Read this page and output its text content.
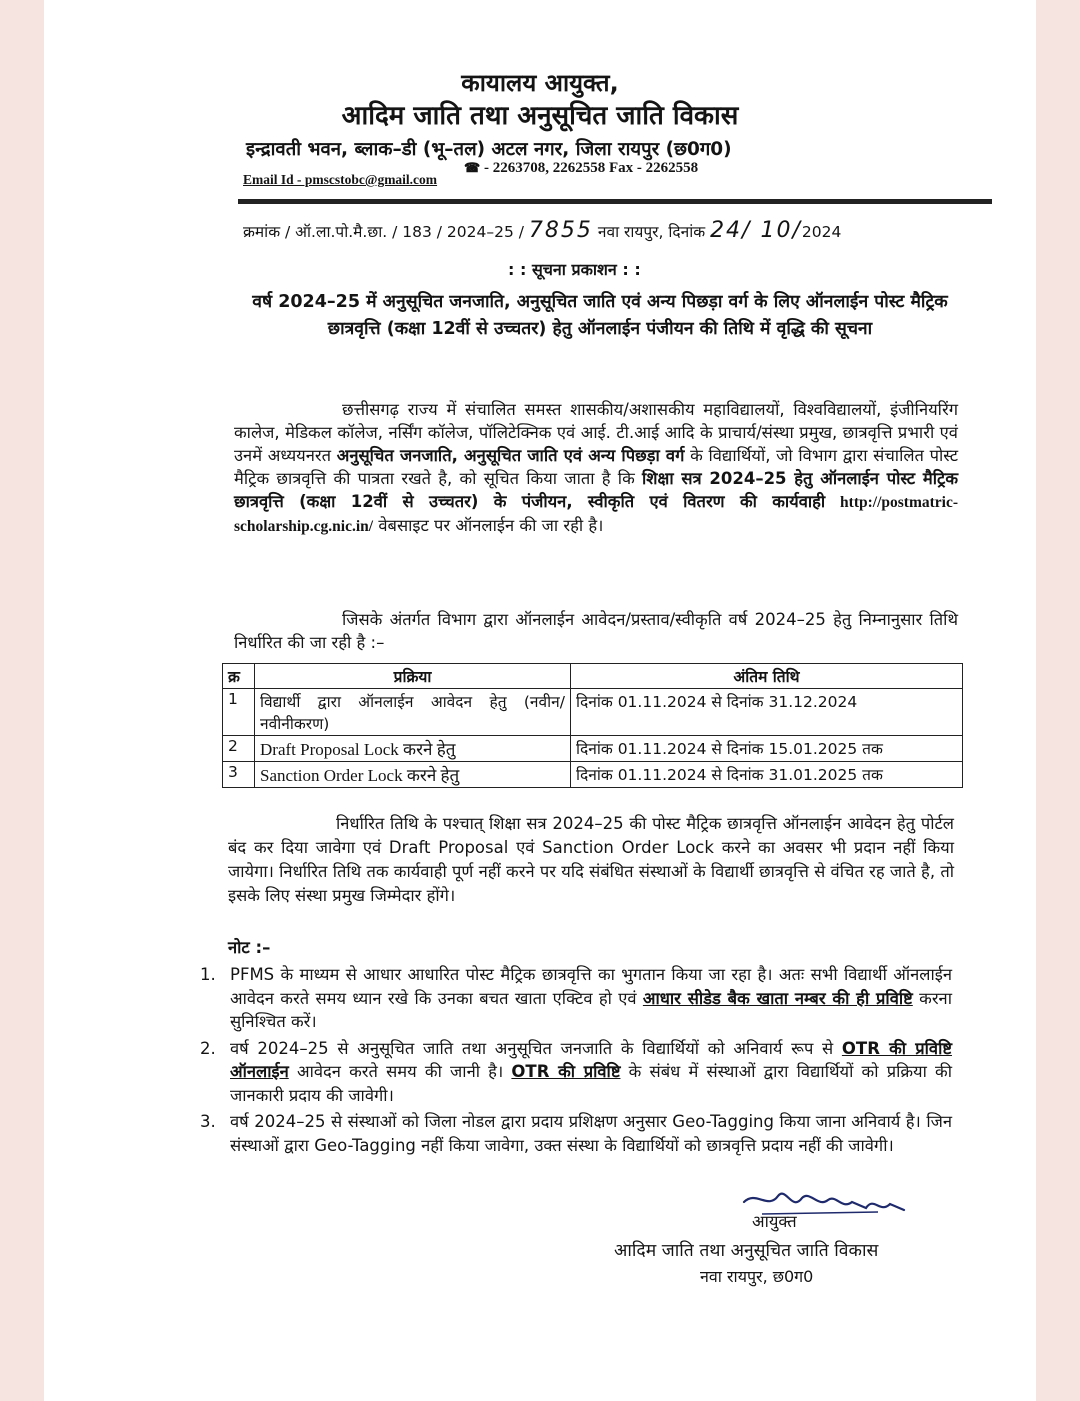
कायालय आयुक्त,
आदिम जाति तथा अनुसूचित जाति विकास
इन्द्रावती भवन, ब्लाक–डी (भू–तल) अटल नगर, जिला रायपुर (छ0ग0)
☎ - 2263708, 2262558 Fax - 2262558
Email Id - pmscstobc@gmail.com
क्रमांक / ऑ.ला.पो.मै.छा. / 183 / 2024–25 / 7855 नवा रायपुर, दिनांक 24/ 10/2024
: : सूचना प्रकाशन : :
वर्ष 2024–25 में अनुसूचित जनजाति, अनुसूचित जाति एवं अन्य पिछड़ा वर्ग के लिए ऑनलाईन पोस्ट मैट्रिक छात्रवृत्ति (कक्षा 12वीं से उच्चतर) हेतु ऑनलाईन पंजीयन की तिथि में वृद्धि की सूचना
छत्तीसगढ़ राज्य में संचालित समस्त शासकीय/अशासकीय महाविद्यालयों, विश्वविद्यालयों, इंजीनियरिंग कालेज, मेडिकल कॉलेज, नर्सिंग कॉलेज, पॉलिटेक्निक एवं आई. टी.आई आदि के प्राचार्य/संस्था प्रमुख, छात्रवृत्ति प्रभारी एवं उनमें अध्ययनरत अनुसूचित जनजाति, अनुसूचित जाति एवं अन्य पिछड़ा वर्ग के विद्यार्थियों, जो विभाग द्वारा संचालित पोस्ट मैट्रिक छात्रवृत्ति की पात्रता रखते है, को सूचित किया जाता है कि शिक्षा सत्र 2024–25 हेतु ऑनलाईन पोस्ट मैट्रिक छात्रवृत्ति (कक्षा 12वीं से उच्चतर) के पंजीयन, स्वीकृति एवं वितरण की कार्यवाही http://postmatric-scholarship.cg.nic.in/ वेबसाइट पर ऑनलाईन की जा रही है।
जिसके अंतर्गत विभाग द्वारा ऑनलाईन आवेदन/प्रस्ताव/स्वीकृति वर्ष 2024–25 हेतु निम्नानुसार तिथि निर्धारित की जा रही है :–
क्र	प्रक्रिया	अंतिम तिथि
1	विद्यार्थी द्वारा ऑनलाईन आवेदन हेतु (नवीन/ नवीनीकरण)	दिनांक 01.11.2024 से दिनांक 31.12.2024
2	Draft Proposal Lock करने हेतु	दिनांक 01.11.2024 से दिनांक 15.01.2025 तक
3	Sanction Order Lock करने हेतु	दिनांक 01.11.2024 से दिनांक 31.01.2025 तक
निर्धारित तिथि के पश्चात् शिक्षा सत्र 2024–25 की पोस्ट मैट्रिक छात्रवृत्ति ऑनलाईन आवेदन हेतु पोर्टल बंद कर दिया जावेगा एवं Draft Proposal एवं Sanction Order Lock करने का अवसर भी प्रदान नहीं किया जायेगा। निर्धारित तिथि तक कार्यवाही पूर्ण नहीं करने पर यदि संबंधित संस्थाओं के विद्यार्थी छात्रवृत्ति से वंचित रह जाते है, तो इसके लिए संस्था प्रमुख जिम्मेदार होंगे।
नोट :–
1. PFMS के माध्यम से आधार आधारित पोस्ट मैट्रिक छात्रवृत्ति का भुगतान किया जा रहा है। अतः सभी विद्यार्थी ऑनलाईन आवेदन करते समय ध्यान रखे कि उनका बचत खाता एक्टिव हो एवं आधार सीडेड बैक खाता नम्बर की ही प्रविष्टि करना सुनिश्चित करें।
2. वर्ष 2024–25 से अनुसूचित जाति तथा अनुसूचित जनजाति के विद्यार्थियों को अनिवार्य रूप से OTR की प्रविष्टि ऑनलाईन आवेदन करते समय की जानी है। OTR की प्रविष्टि के संबंध में संस्थाओं द्वारा विद्यार्थियों को प्रक्रिया की जानकारी प्रदाय की जावेगी।
3. वर्ष 2024–25 से संस्थाओं को जिला नोडल द्वारा प्रदाय प्रशिक्षण अनुसार Geo-Tagging किया जाना अनिवार्य है। जिन संस्थाओं द्वारा Geo-Tagging नहीं किया जावेगा, उक्त संस्था के विद्यार्थियों को छात्रवृत्ति प्रदाय नहीं की जावेगी।
आयुक्त
आदिम जाति तथा अनुसूचित जाति विकास
नवा रायपुर, छ0ग0
